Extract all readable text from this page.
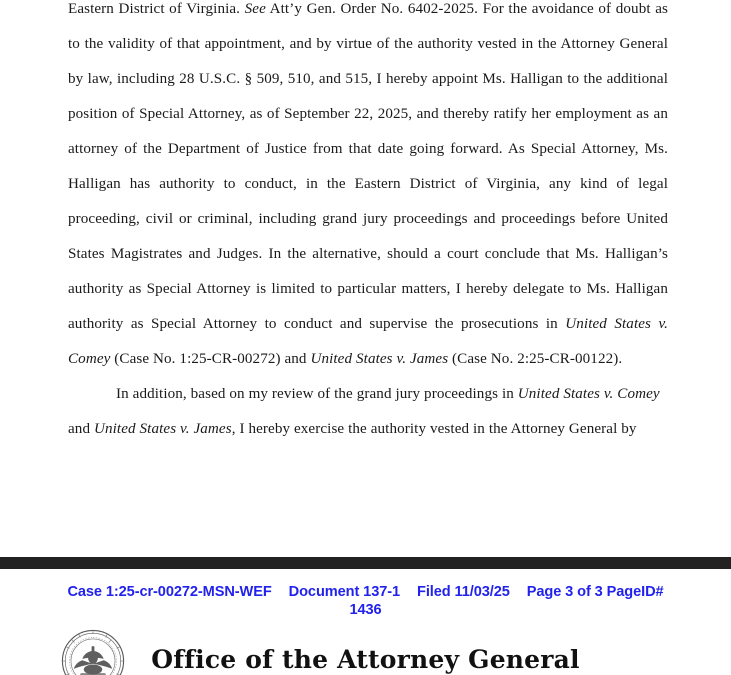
Eastern District of Virginia. See Att’y Gen. Order No. 6402-2025. For the avoidance of doubt as to the validity of that appointment, and by virtue of the authority vested in the Attorney General by law, including 28 U.S.C. § 509, 510, and 515, I hereby appoint Ms. Halligan to the additional position of Special Attorney, as of September 22, 2025, and thereby ratify her employment as an attorney of the Department of Justice from that date going forward. As Special Attorney, Ms. Halligan has authority to conduct, in the Eastern District of Virginia, any kind of legal proceeding, civil or criminal, including grand jury proceedings and proceedings before United States Magistrates and Judges. In the alternative, should a court conclude that Ms. Halligan’s authority as Special Attorney is limited to particular matters, I hereby delegate to Ms. Halligan authority as Special Attorney to conduct and supervise the prosecutions in United States v. Comey (Case No. 1:25-CR-00272) and United States v. James (Case No. 2:25-CR-00122).

In addition, based on my review of the grand jury proceedings in United States v. Comey and United States v. James, I hereby exercise the authority vested in the Attorney General by

Case 1:25-cr-00272-MSN-WEF Document 137-1 Filed 11/03/25 Page 3 of 3 PageID#
1436
Office of the Attorney General
